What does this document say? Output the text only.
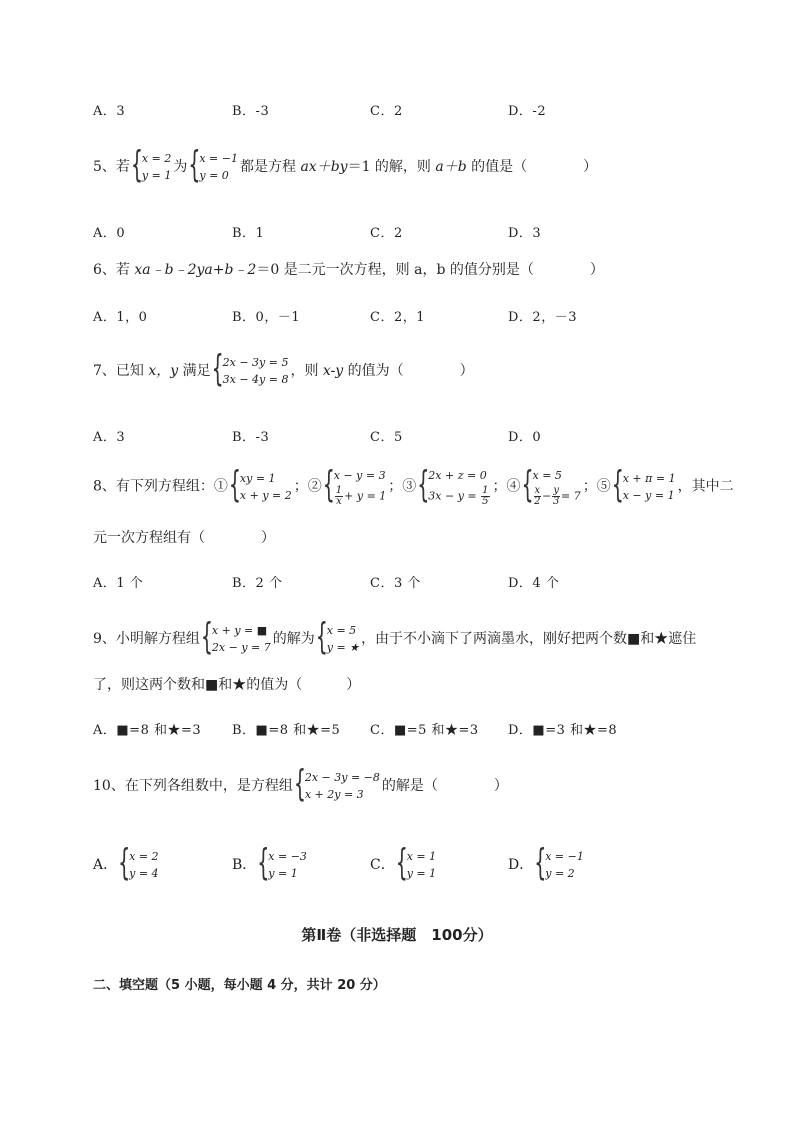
A．3	B．-3	C．2	D．-2
5、若
{ x = 2
y = 1
为
{ x = −1
y = 0
都是方程 ax＋by＝1 的解，则 a＋b 的值是（	）
A．0	B．1	C．2	D．3
6、若 xa﹣b﹣2ya+b﹣2＝0 是二元一次方程，则 a，b 的值分别是（	）
A．1，0	B．0，－1	C．2，1	D．2，－3
7、已知 x，y 满足
{ 2x − 3y = 5
3x − 4y = 8
，则 x-y 的值为（	）
A．3	B．-3	C．5	D．0
8、有下列方程组：①
{ xy = 1
x + y = 2
；②
{ x − y = 3
$\frac{1}{x} + y = 1$
；③
{ 2x + z = 0
$3x - y = \frac{1}{5}$ ；④
{ x = 5
$\frac{x}{2} - \frac{y}{3} = 7$
；⑤
{ x + π = 1
x − y = 1
，其中二
元一次方程组有（	）
A．1 个	B．2 个	C．3 个	D．4 个
9、小明解方程组
{ x + y = ■
2x − y = 7
的解为
{ x = 5
y = ★
，由于不小滴下了两滴墨水，刚好把两个数■和★遮住
了，则这两个数和■和★的值为（	）
A．■=8 和★=3 B．■=8 和★=5 C．■=5 和★=3 D．■=3 和★=8
10、在下列各组数中，是方程组
{ 2x − 3y = −8
x + 2y = 3
的解是（	）
A．
{ x = 2
y = 4
B．
{ x = −3
y = 1
C．
{ x = 1
y = 1
D．
{ x = −1
y = 2
第Ⅱ卷（非选择题　100分）
二、填空题（5 小题，每小题 4 分，共计 20 分）
